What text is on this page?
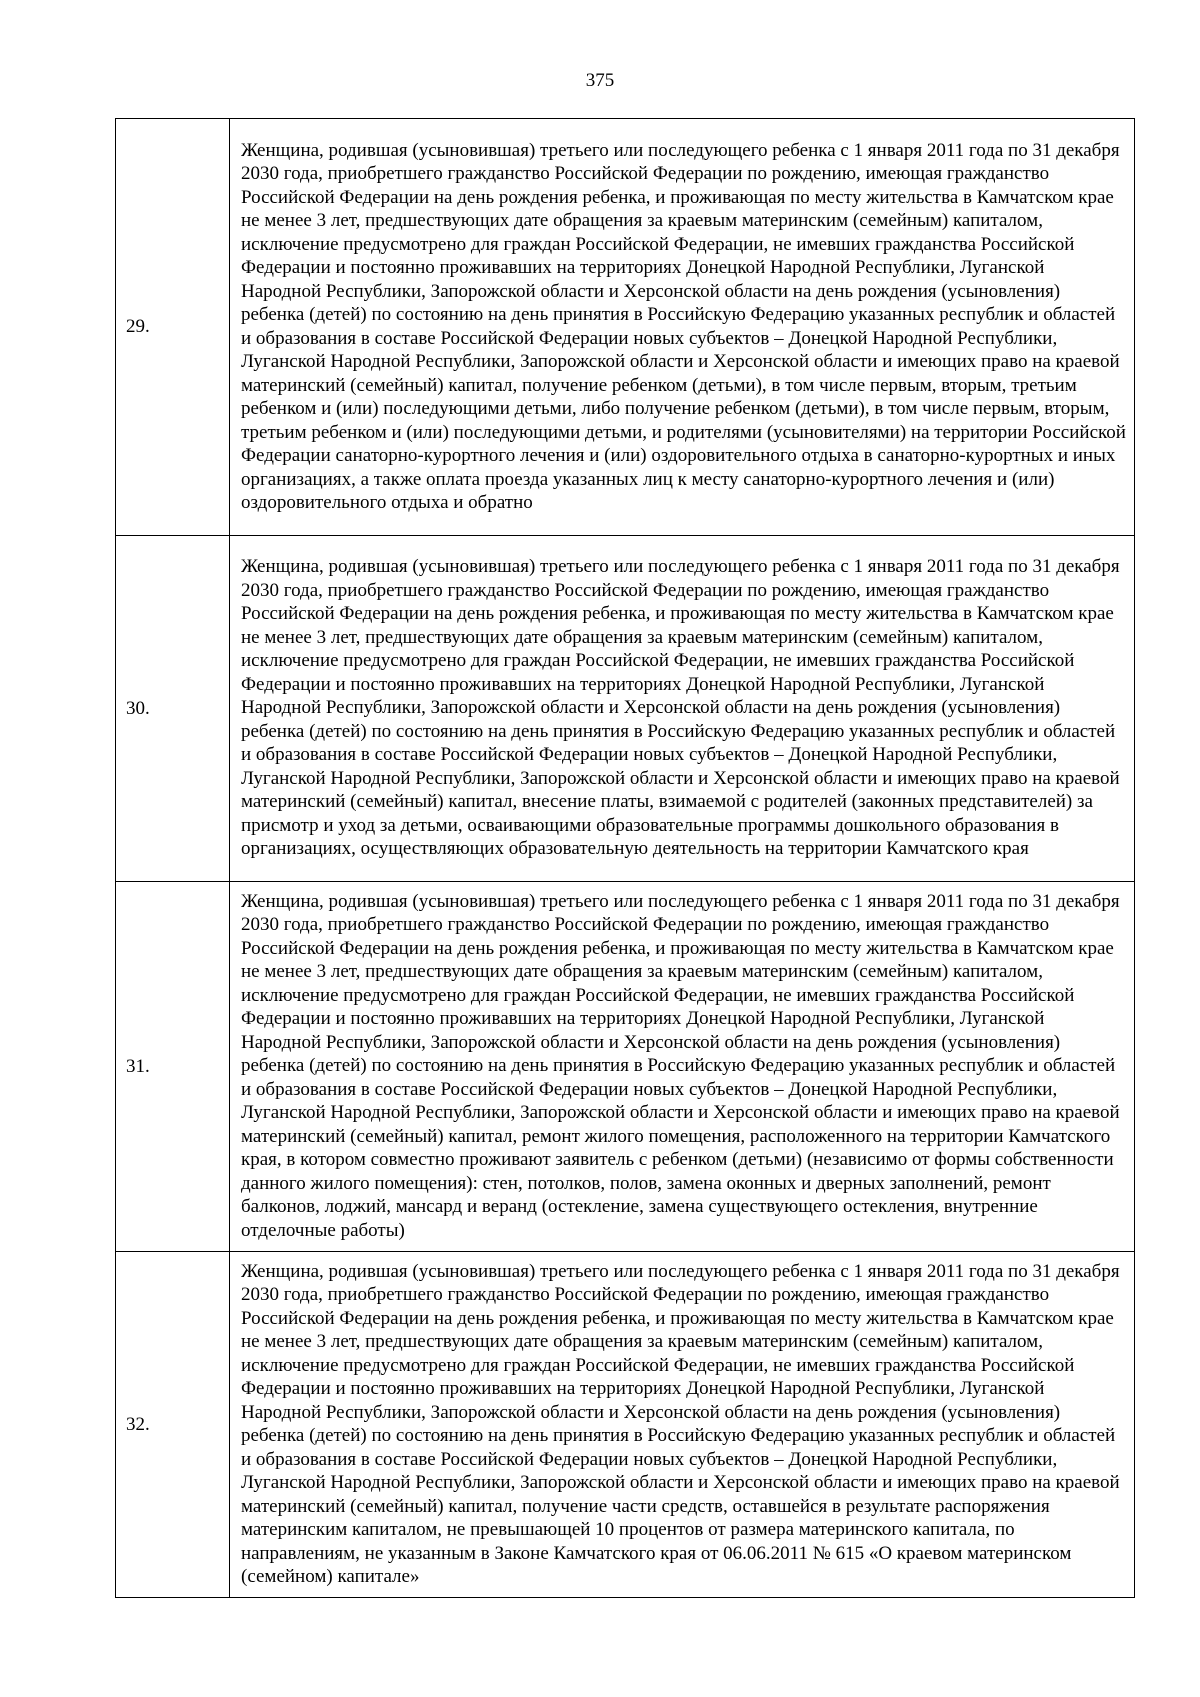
375
29.	Женщина, родившая (усыновившая) третьего или последующего ребенка с 1 января 2011 года по 31 декабря 2030 года, приобретшего гражданство Российской Федерации по рождению, имеющая гражданство Российской Федерации на день рождения ребенка, и проживающая по месту жительства в Камчатском крае не менее 3 лет, предшествующих дате обращения за краевым материнским (семейным) капиталом, исключение предусмотрено для граждан Российской Федерации, не имевших гражданства Российской Федерации и постоянно проживавших на территориях Донецкой Народной Республики, Луганской Народной Республики, Запорожской области и Херсонской области на день рождения (усыновления) ребенка (детей) по состоянию на день принятия в Российскую Федерацию указанных республик и областей и образования в составе Российской Федерации новых субъектов – Донецкой Народной Республики, Луганской Народной Республики, Запорожской области и Херсонской области и имеющих право на краевой материнский (семейный) капитал, получение ребенком (детьми), в том числе первым, вторым, третьим ребенком и (или) последующими детьми, либо получение ребенком (детьми), в том числе первым, вторым, третьим ребенком и (или) последующими детьми, и родителями (усыновителями) на территории Российской Федерации санаторно-курортного лечения и (или) оздоровительного отдыха в санаторно-курортных и иных организациях, а также оплата проезда указанных лиц к месту санаторно-курортного лечения и (или) оздоровительного отдыха и обратно

30.	Женщина, родившая (усыновившая) третьего или последующего ребенка с 1 января 2011 года по 31 декабря 2030 года, приобретшего гражданство Российской Федерации по рождению, имеющая гражданство Российской Федерации на день рождения ребенка, и проживающая по месту жительства в Камчатском крае не менее 3 лет, предшествующих дате обращения за краевым материнским (семейным) капиталом, исключение предусмотрено для граждан Российской Федерации, не имевших гражданства Российской Федерации и постоянно проживавших на территориях Донецкой Народной Республики, Луганской Народной Республики, Запорожской области и Херсонской области на день рождения (усыновления) ребенка (детей) по состоянию на день принятия в Российскую Федерацию указанных республик и областей и образования в составе Российской Федерации новых субъектов – Донецкой Народной Республики, Луганской Народной Республики, Запорожской области и Херсонской области и имеющих право на краевой материнский (семейный) капитал, внесение платы, взимаемой с родителей (законных представителей) за присмотр и уход за детьми, осваивающими образовательные программы дошкольного образования в организациях, осуществляющих образовательную деятельность на территории Камчатского края

31.	Женщина, родившая (усыновившая) третьего или последующего ребенка с 1 января 2011 года по 31 декабря 2030 года, приобретшего гражданство Российской Федерации по рождению, имеющая гражданство Российской Федерации на день рождения ребенка, и проживающая по месту жительства в Камчатском крае не менее 3 лет, предшествующих дате обращения за краевым материнским (семейным) капиталом, исключение предусмотрено для граждан Российской Федерации, не имевших гражданства Российской Федерации и постоянно проживавших на территориях Донецкой Народной Республики, Луганской Народной Республики, Запорожской области и Херсонской области на день рождения (усыновления) ребенка (детей) по состоянию на день принятия в Российскую Федерацию указанных республик и областей и образования в составе Российской Федерации новых субъектов – Донецкой Народной Республики, Луганской Народной Республики, Запорожской области и Херсонской области и имеющих право на краевой материнский (семейный) капитал, ремонт жилого помещения, расположенного на территории Камчатского края, в котором совместно проживают заявитель с ребенком (детьми) (независимо от формы собственности данного жилого помещения): стен, потолков, полов, замена оконных и дверных заполнений, ремонт балконов, лоджий, мансард и веранд (остекление, замена существующего остекления, внутренние отделочные работы)

32.	Женщина, родившая (усыновившая) третьего или последующего ребенка с 1 января 2011 года по 31 декабря 2030 года, приобретшего гражданство Российской Федерации по рождению, имеющая гражданство Российской Федерации на день рождения ребенка, и проживающая по месту жительства в Камчатском крае не менее 3 лет, предшествующих дате обращения за краевым материнским (семейным) капиталом, исключение предусмотрено для граждан Российской Федерации, не имевших гражданства Российской Федерации и постоянно проживавших на территориях Донецкой Народной Республики, Луганской Народной Республики, Запорожской области и Херсонской области на день рождения (усыновления) ребенка (детей) по состоянию на день принятия в Российскую Федерацию указанных республик и областей и образования в составе Российской Федерации новых субъектов – Донецкой Народной Республики, Луганской Народной Республики, Запорожской области и Херсонской области и имеющих право на краевой материнский (семейный) капитал, получение части средств, оставшейся в результате распоряжения материнским капиталом, не превышающей 10 процентов от размера материнского капитала, по направлениям, не указанным в Законе Камчатского края от 06.06.2011 № 615 «О краевом материнском (семейном) капитале»
